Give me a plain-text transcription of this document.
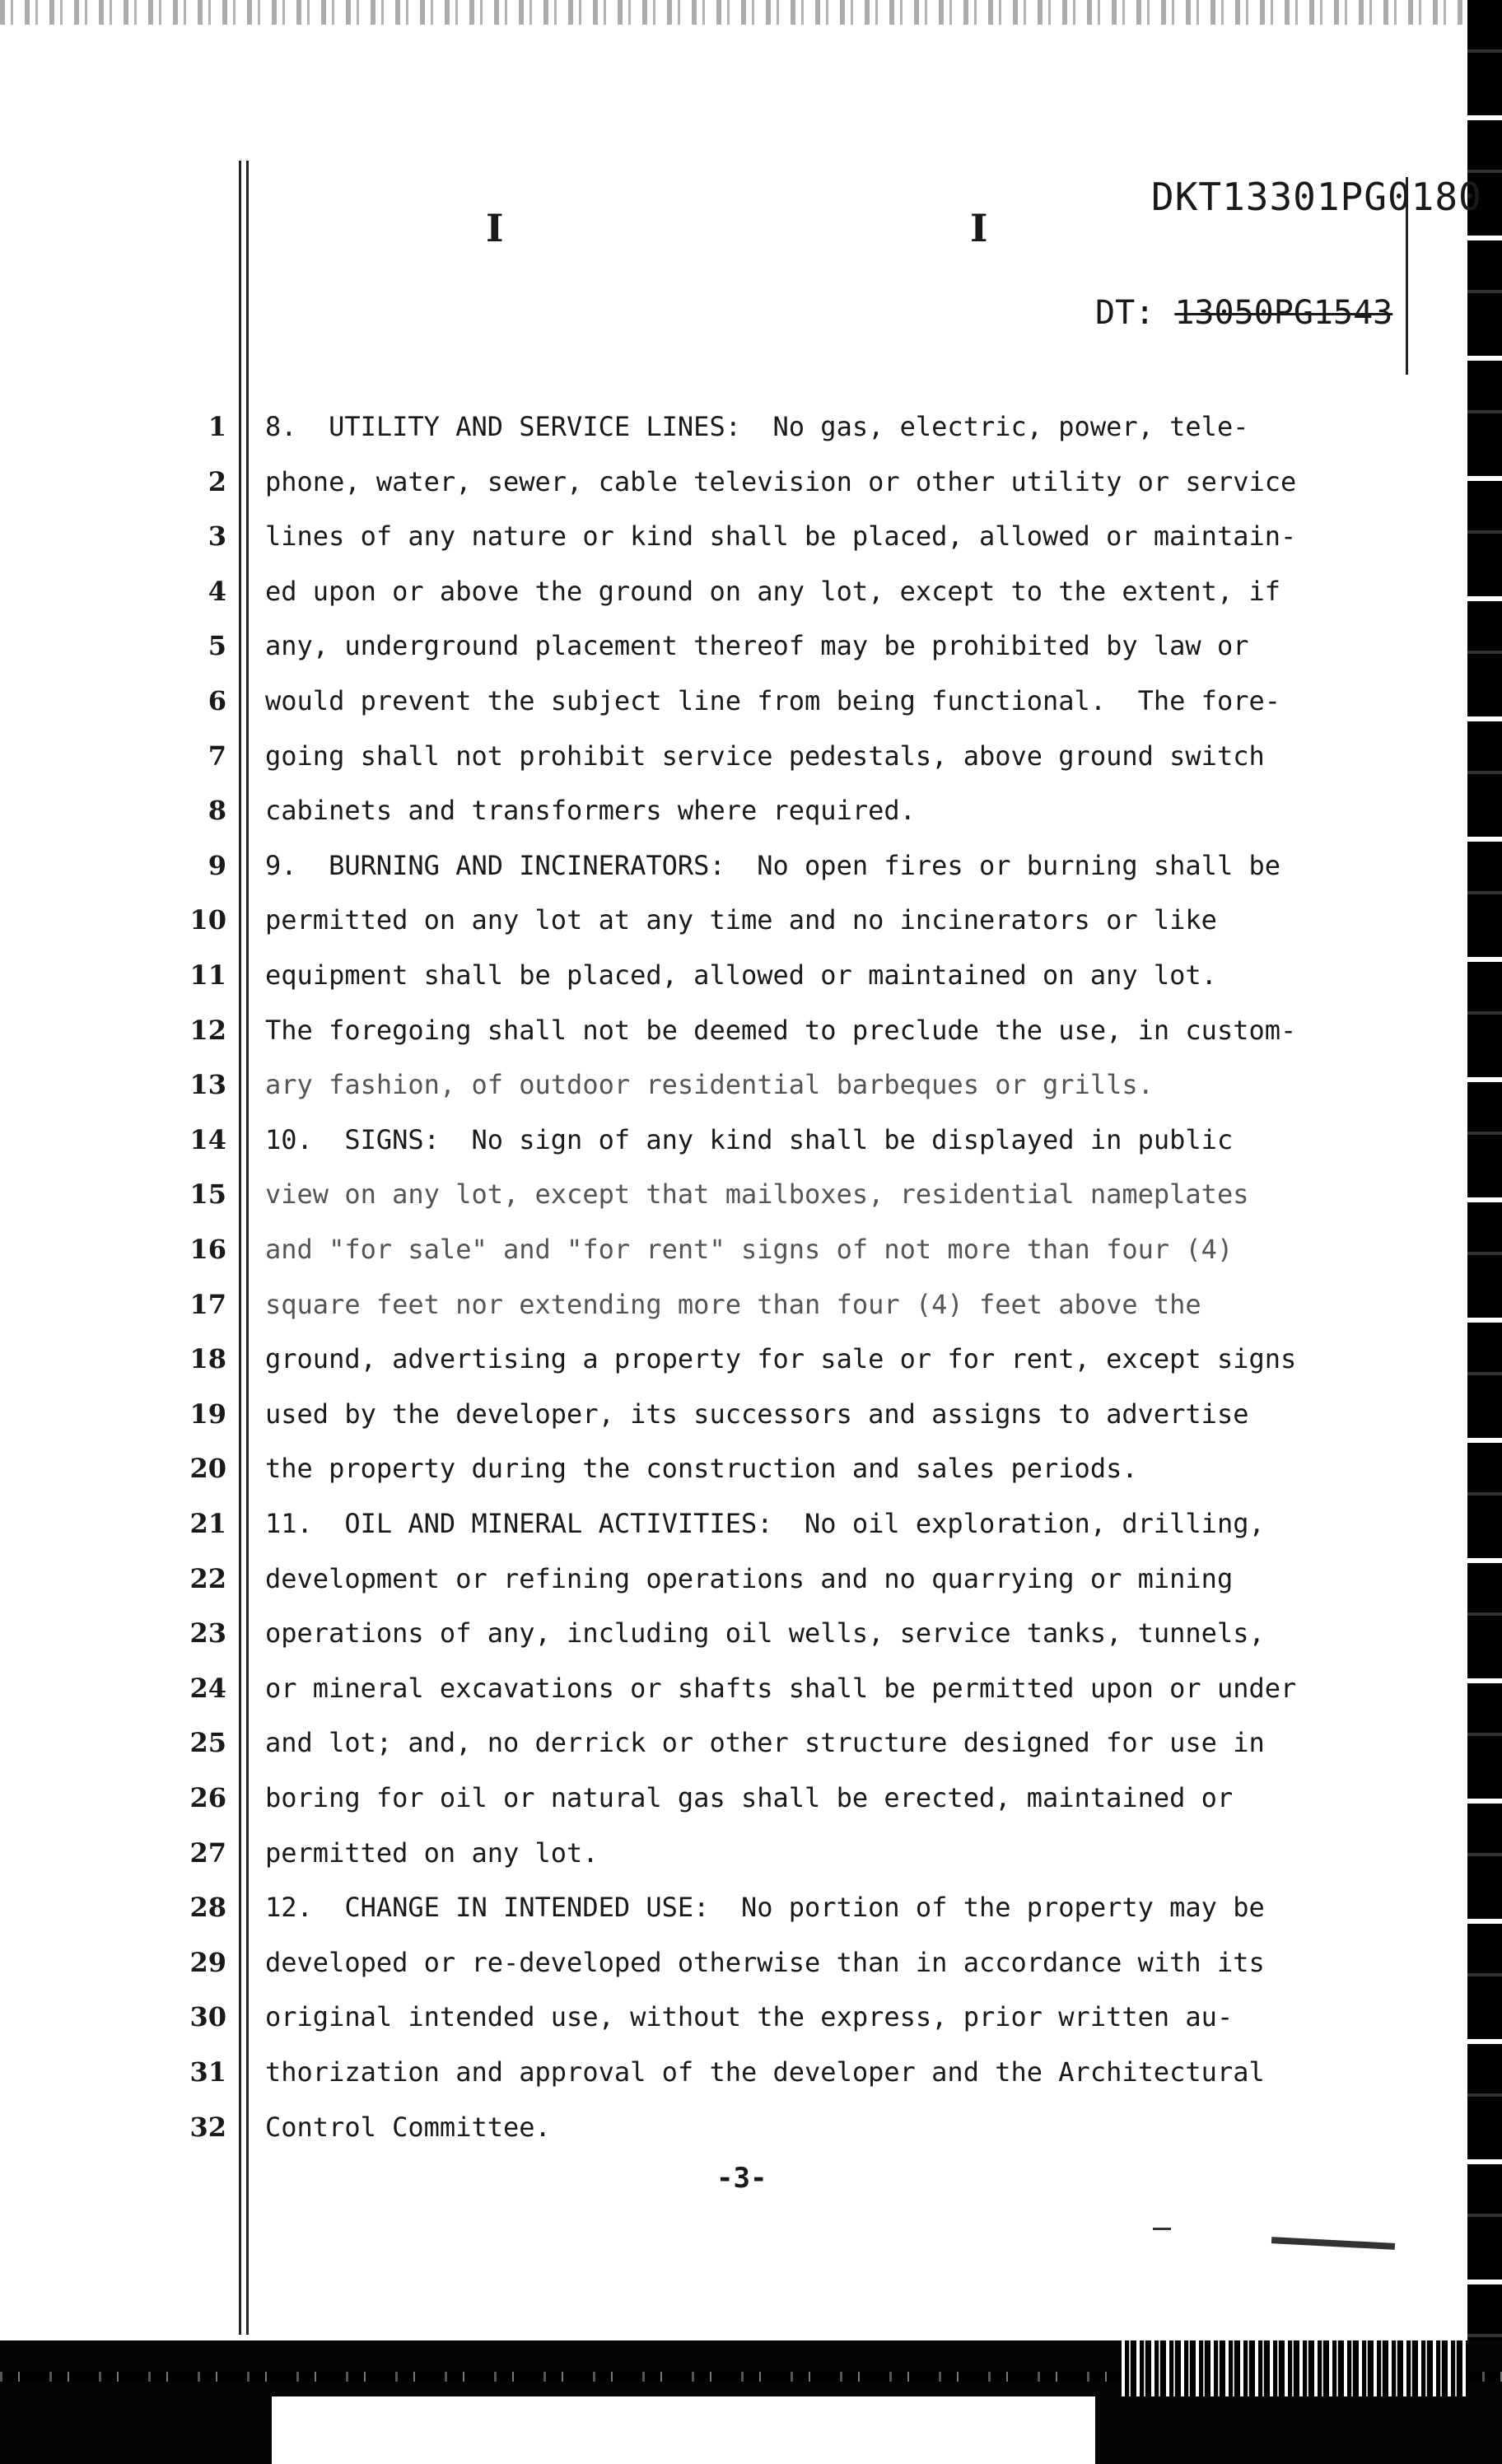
I	I
DKT13301PG0180
DT: 13050PG1543
1 8.  UTILITY AND SERVICE LINES:  No gas, electric, power, tele-
2 phone, water, sewer, cable television or other utility or service
3 lines of any nature or kind shall be placed, allowed or maintain-
4 ed upon or above the ground on any lot, except to the extent, if
5 any, underground placement thereof may be prohibited by law or
6 would prevent the subject line from being functional.  The fore-
7 going shall not prohibit service pedestals, above ground switch
8 cabinets and transformers where required.
9 9.  BURNING AND INCINERATORS:  No open fires or burning shall be
10 permitted on any lot at any time and no incinerators or like
11 equipment shall be placed, allowed or maintained on any lot.
12 The foregoing shall not be deemed to preclude the use, in custom-
13 ary fashion, of outdoor residential barbeques or grills.
14 10.  SIGNS:  No sign of any kind shall be displayed in public
15 view on any lot, except that mailboxes, residential nameplates
16 and "for sale" and "for rent" signs of not more than four (4)
17 square feet nor extending more than four (4) feet above the
18 ground, advertising a property for sale or for rent, except signs
19 used by the developer, its successors and assigns to advertise
20 the property during the construction and sales periods.
21 11.  OIL AND MINERAL ACTIVITIES:  No oil exploration, drilling,
22 development or refining operations and no quarrying or mining
23 operations of any, including oil wells, service tanks, tunnels,
24 or mineral excavations or shafts shall be permitted upon or under
25 and lot; and, no derrick or other structure designed for use in
26 boring for oil or natural gas shall be erected, maintained or
27 permitted on any lot.
28 12.  CHANGE IN INTENDED USE:  No portion of the property may be
29 developed or re-developed otherwise than in accordance with its
30 original intended use, without the express, prior written au-
31 thorization and approval of the developer and the Architectural
32 Control Committee.
-3-
